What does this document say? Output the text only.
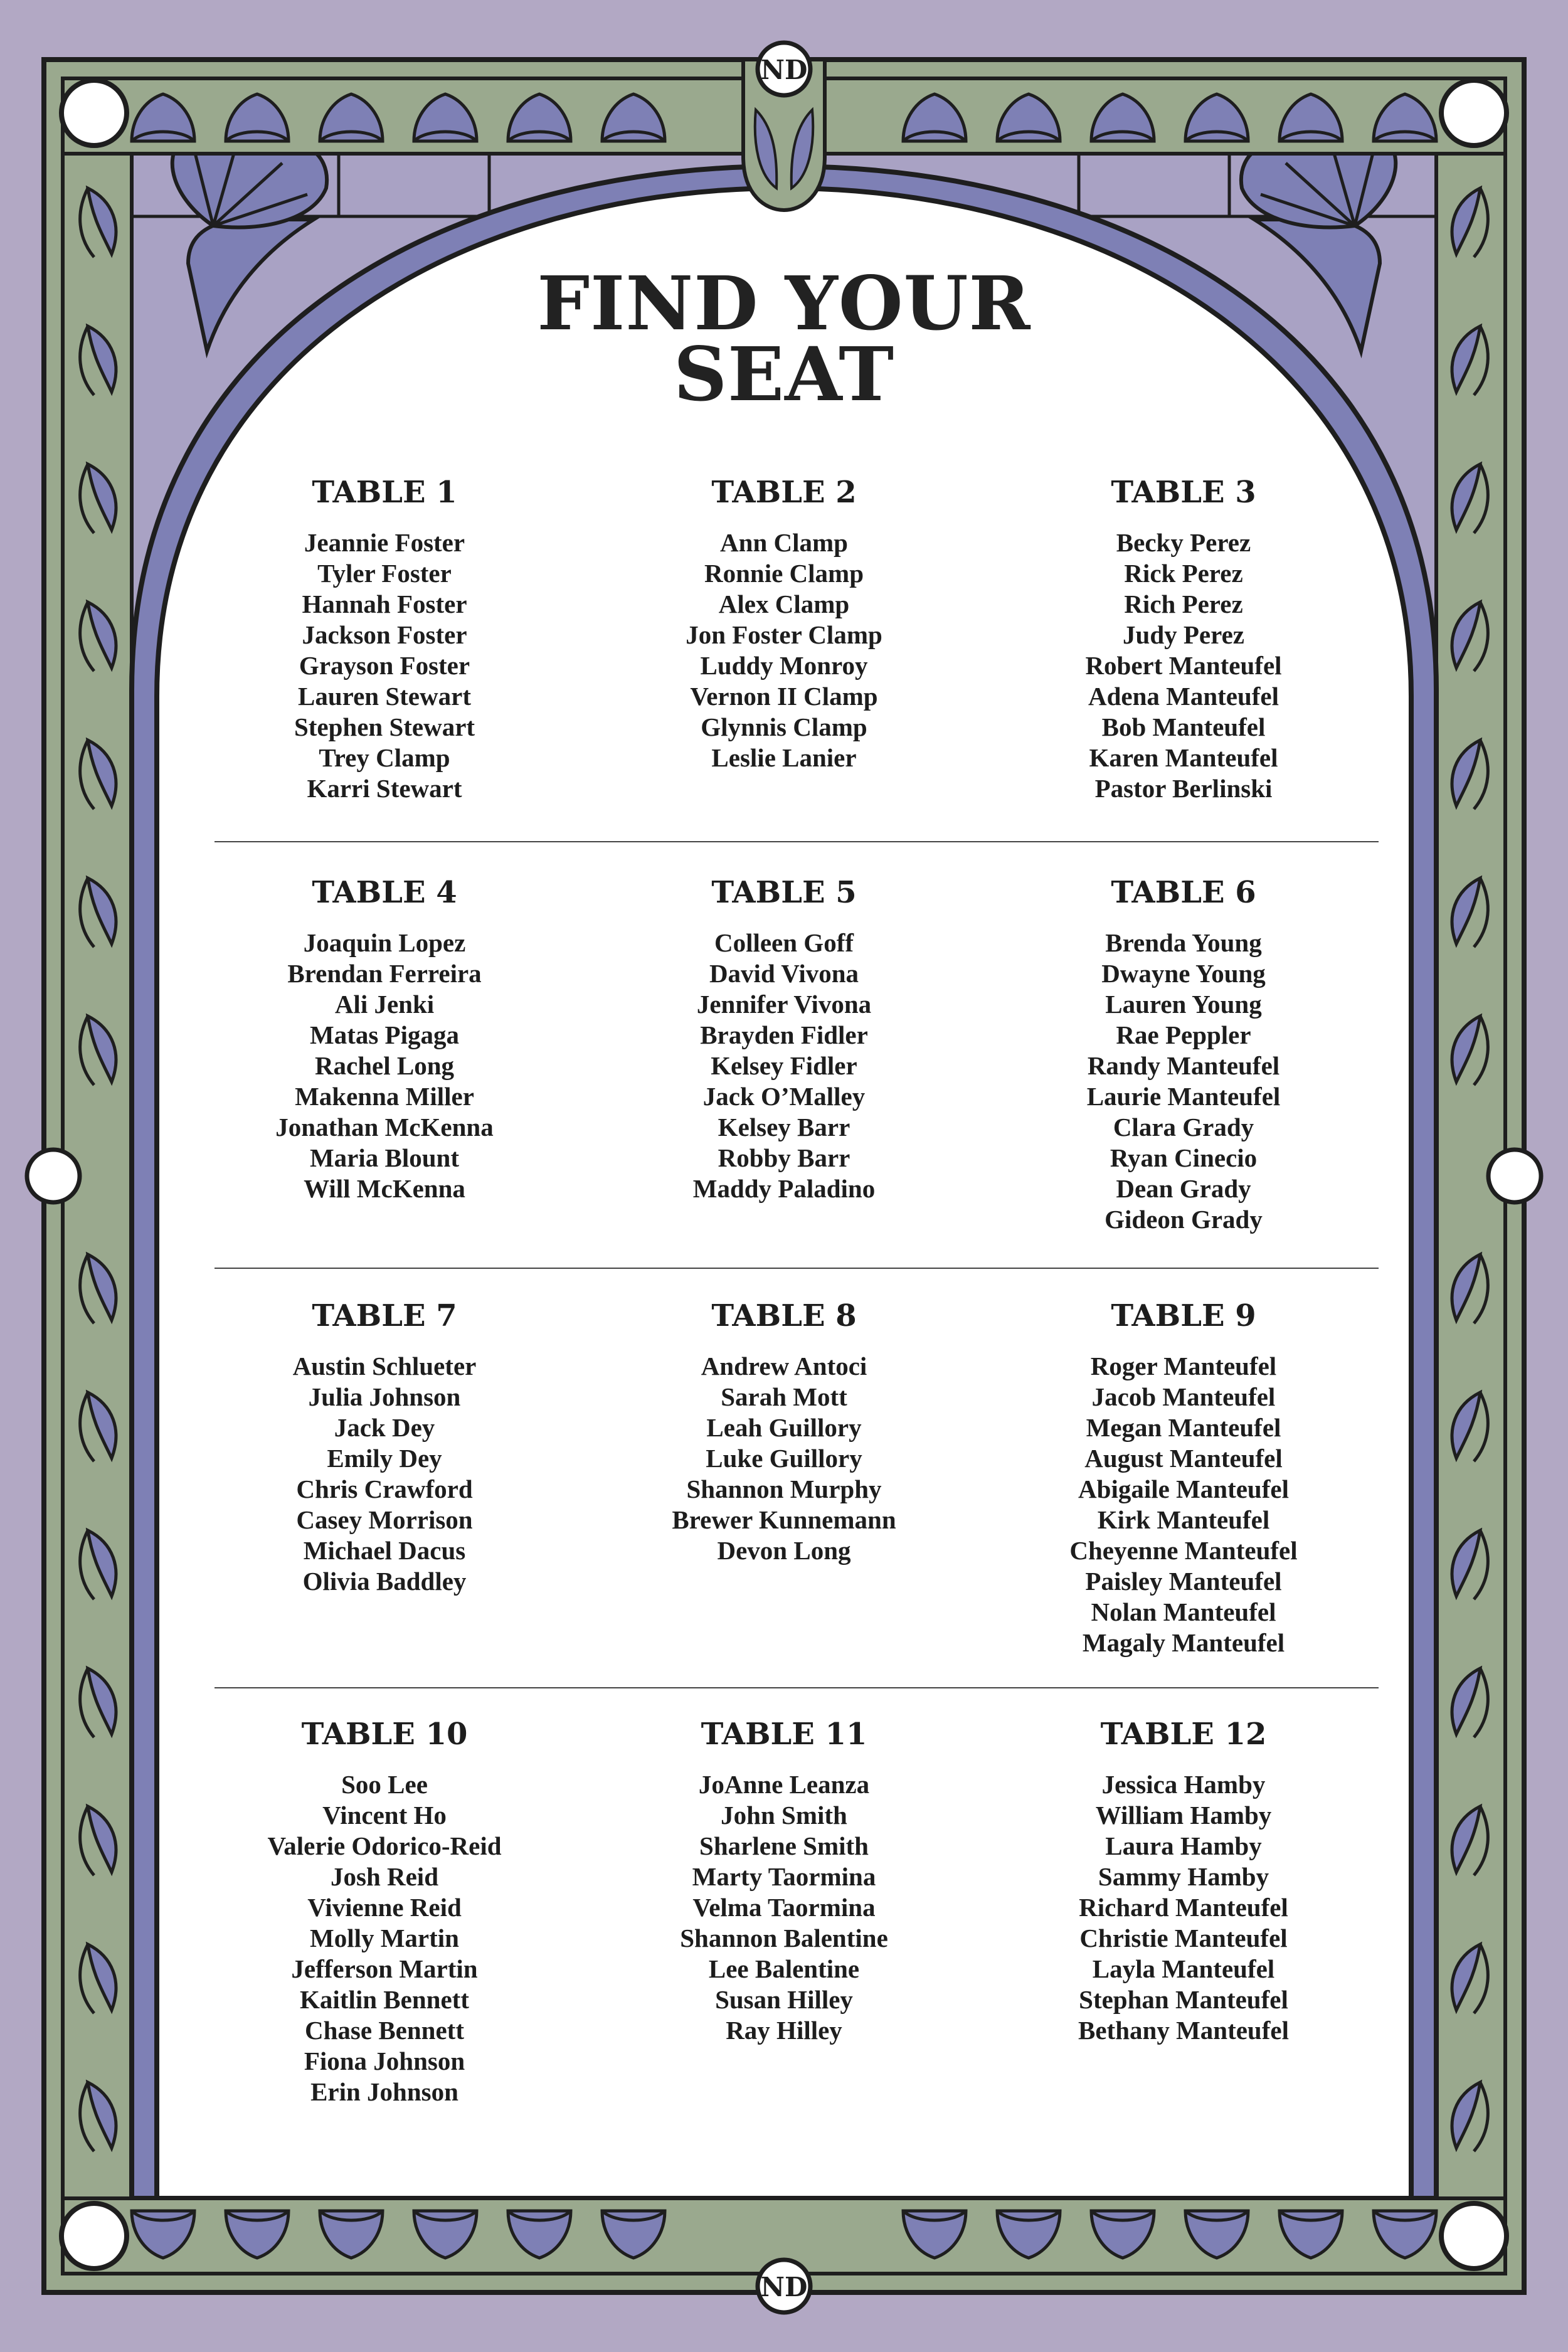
ND
ND
FIND YOUR
SEAT
TABLE 1
Jeannie Foster
Tyler Foster
Hannah Foster
Jackson Foster
Grayson Foster
Lauren Stewart
Stephen Stewart
Trey Clamp
Karri Stewart
TABLE 2
Ann Clamp
Ronnie Clamp
Alex Clamp
Jon Foster Clamp
Luddy Monroy
Vernon II Clamp
Glynnis Clamp
Leslie Lanier
TABLE 3
Becky Perez
Rick Perez
Rich Perez
Judy Perez
Robert Manteufel
Adena Manteufel
Bob Manteufel
Karen Manteufel
Pastor Berlinski
TABLE 4
Joaquin Lopez
Brendan Ferreira
Ali Jenki
Matas Pigaga
Rachel Long
Makenna Miller
Jonathan McKenna
Maria Blount
Will McKenna
TABLE 5
Colleen Goff
David Vivona
Jennifer Vivona
Brayden Fidler
Kelsey Fidler
Jack O’Malley
Kelsey Barr
Robby Barr
Maddy Paladino
TABLE 6
Brenda Young
Dwayne Young
Lauren Young
Rae Peppler
Randy Manteufel
Laurie Manteufel
Clara Grady
Ryan Cinecio
Dean Grady
Gideon Grady
TABLE 7
Austin Schlueter
Julia Johnson
Jack Dey
Emily Dey
Chris Crawford
Casey Morrison
Michael Dacus
Olivia Baddley
TABLE 8
Andrew Antoci
Sarah Mott
Leah Guillory
Luke Guillory
Shannon Murphy
Brewer Kunnemann
Devon Long
TABLE 9
Roger Manteufel
Jacob Manteufel
Megan Manteufel
August Manteufel
Abigaile Manteufel
Kirk Manteufel
Cheyenne Manteufel
Paisley Manteufel
Nolan Manteufel
Magaly Manteufel
TABLE 10
Soo Lee
Vincent Ho
Valerie Odorico-Reid
Josh Reid
Vivienne Reid
Molly Martin
Jefferson Martin
Kaitlin Bennett
Chase Bennett
Fiona Johnson
Erin Johnson
TABLE 11
JoAnne Leanza
John Smith
Sharlene Smith
Marty Taormina
Velma Taormina
Shannon Balentine
Lee Balentine
Susan Hilley
Ray Hilley
TABLE 12
Jessica Hamby
William Hamby
Laura Hamby
Sammy Hamby
Richard Manteufel
Christie Manteufel
Layla Manteufel
Stephan Manteufel
Bethany Manteufel
